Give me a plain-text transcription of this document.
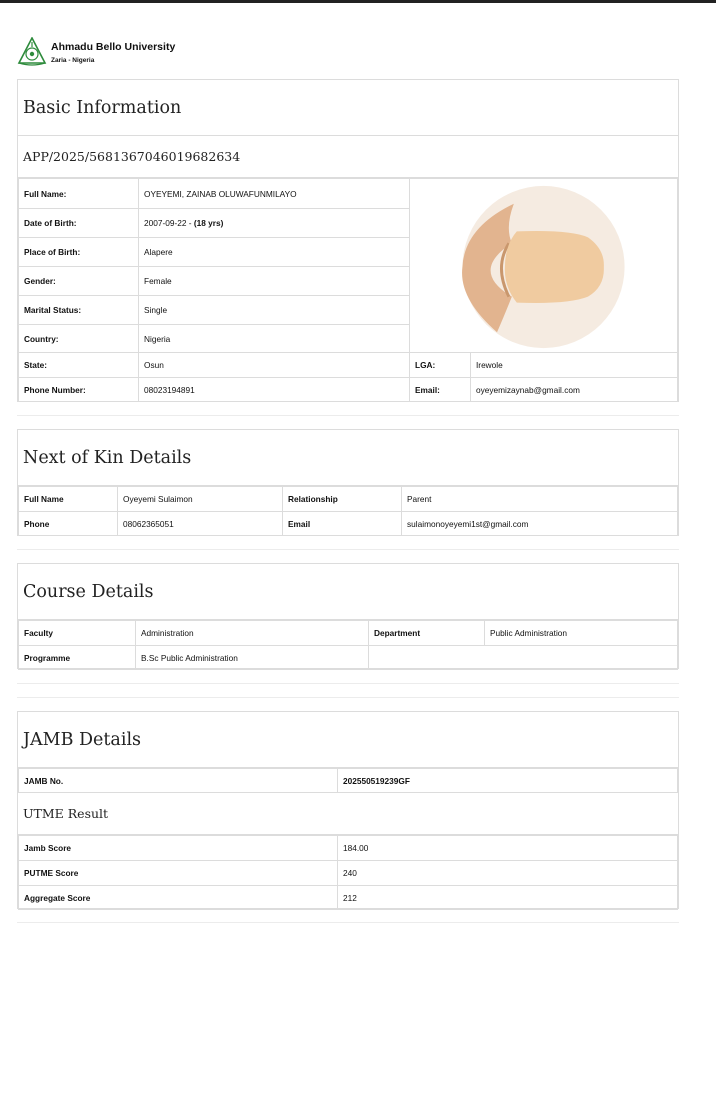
Ahmadu Bello University
Zaria - Nigeria
Basic Information
APP/2025/5681367046019682634
Full Name:	OYEYEMI, ZAINAB OLUWAFUNMILAYO	

Date of Birth:	2007-09-22 - (18 yrs)		
Place of Birth:	Alapere		
Gender:	Female		
Marital Status:	Single		
Country:	Nigeria		
State:	Osun	LGA:	Irewole
Phone Number:	08023194891	Email:	oyeyemizaynab@gmail.com
Next of Kin Details
Full Name	Oyeyemi Sulaimon	Relationship	Parent
Phone	08062365051	Email	sulaimonoyeyemi1st@gmail.com
Course Details
Faculty	Administration	Department	Public Administration
Programme	B.Sc Public Administration		
JAMB Details
JAMB No.	202550519239GF
UTME Result
Jamb Score	184.00
PUTME Score	240
Aggregate Score	212
